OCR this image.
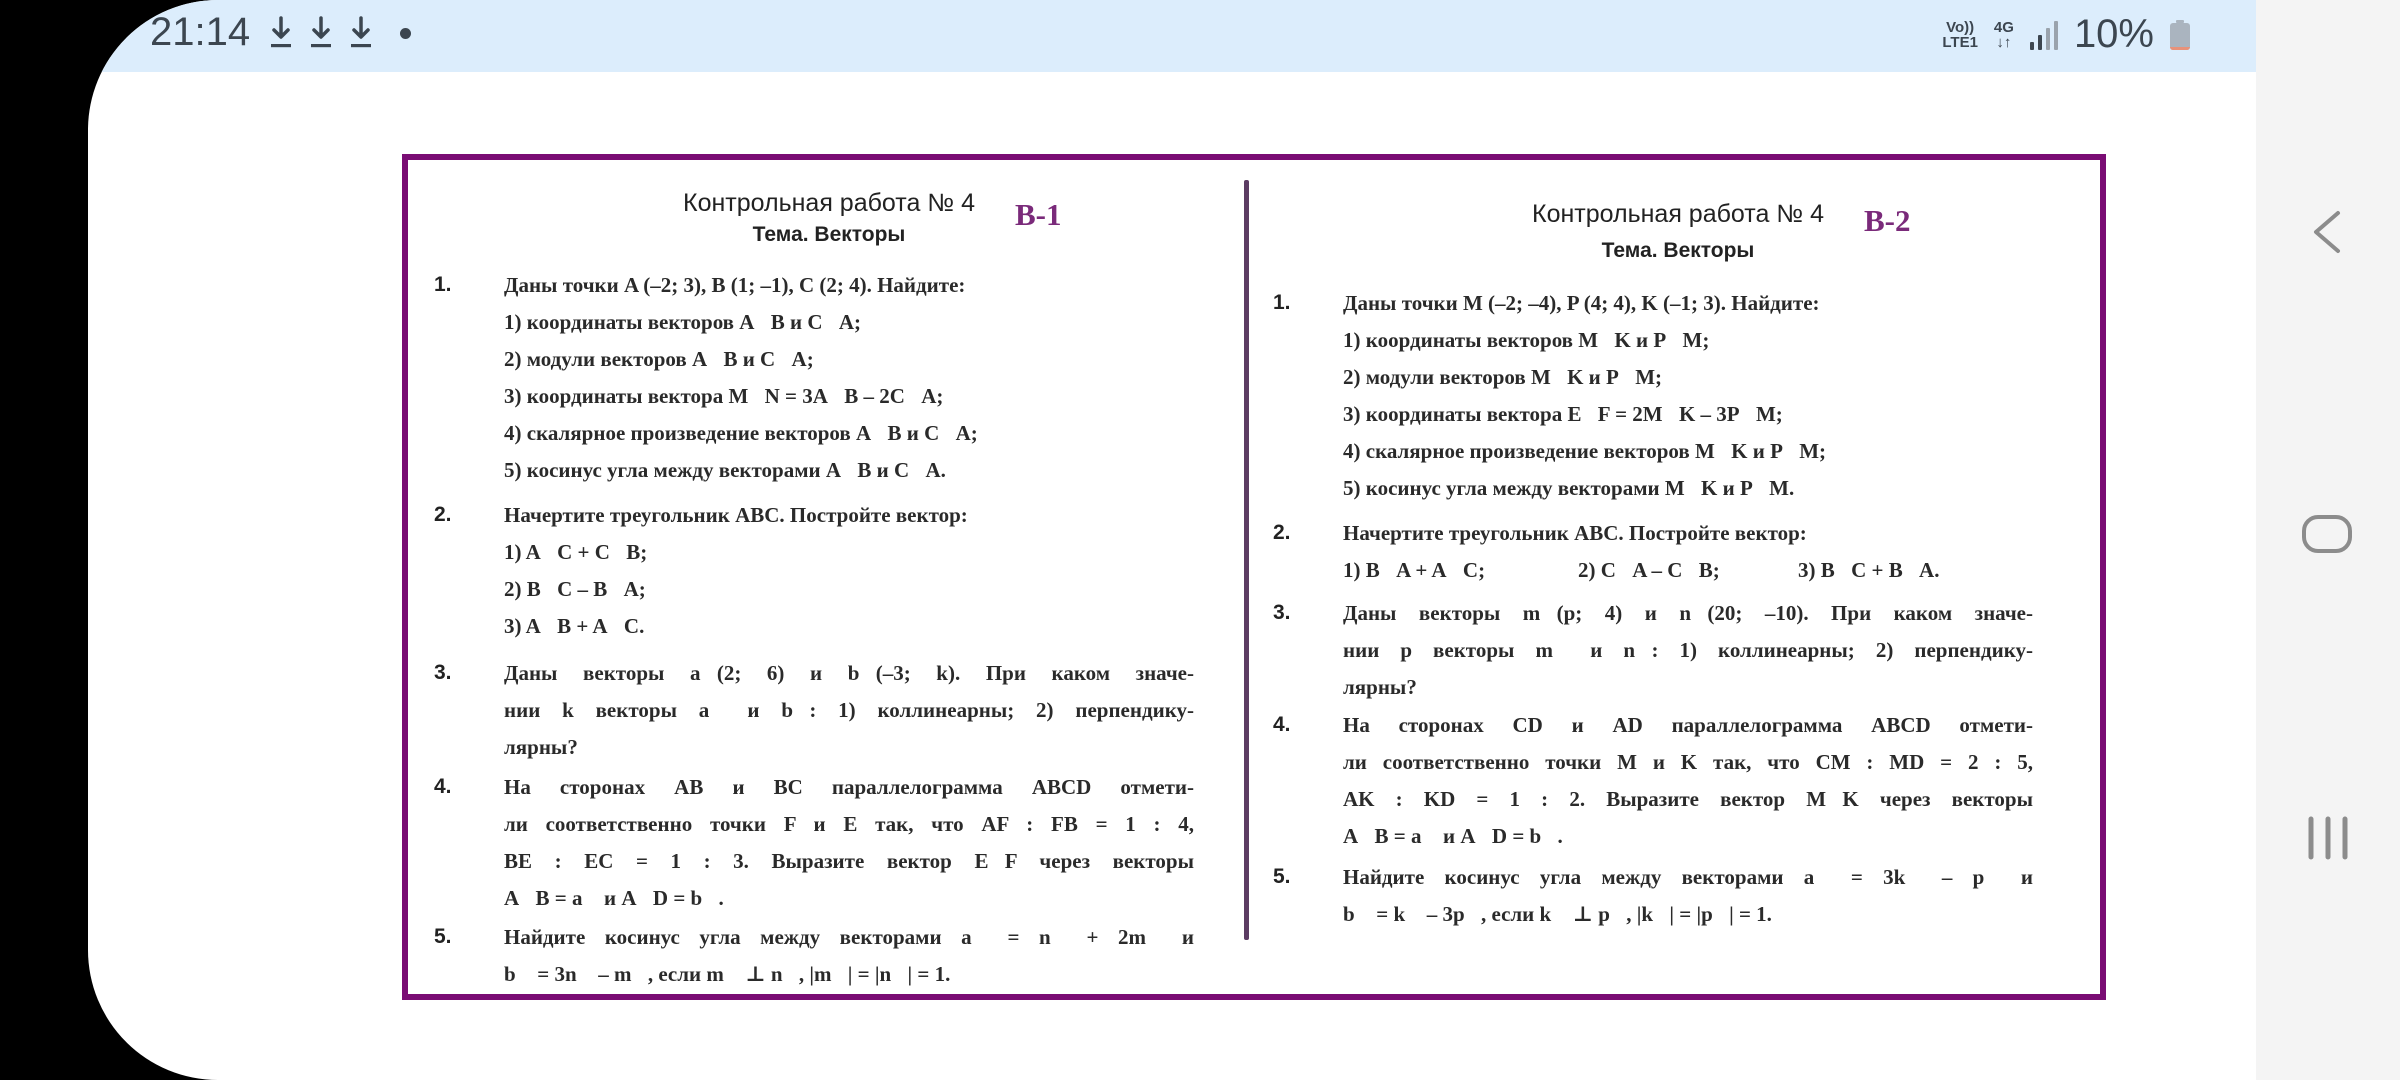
21:14	Vo))
LTE1
4G
↓↑ 10%
Контрольная работа № 4	В-1
Тема. Векторы
1. Даны точки A (–2; 3), B (1; –1), C (2; 4). Найдите:
1) координаты векторов A⃗B и C⃗A;
2) модули векторов A⃗B и C⃗A;
3) координаты вектора M⃗N = 3A⃗B – 2C⃗A;
4) скалярное произведение векторов A⃗B и C⃗A;
5) косинус угла между векторами A⃗B и C⃗A.
2. Начертите треугольник ABC. Постройте вектор:
1) A⃗C + C⃗B;
2) B⃗C – B⃗A;
3) A⃗B + A⃗C.
3. Даны векторы a⃗(2; 6) и b⃗(–3; k). При каком значе-
нии k векторы a⃗ и b⃗: 1) коллинеарны; 2) перпендику-
лярны?
4. На сторонах AB и BC параллелограмма ABCD отмети-
ли соответственно точки F и E так, что AF : FB = 1 : 4,
BE : EC = 1 : 3. Выразите вектор E⃗F через векторы
A⃗B = a⃗ и A⃗D = b⃗.
5. Найдите косинус угла между векторами a⃗ = n⃗ + 2m⃗ и
b⃗ = 3n⃗ – m⃗, если m⃗ ⊥ n⃗, |m⃗| = |n⃗| = 1.
Контрольная работа № 4	В-2
Тема. Векторы
1. Даны точки M (–2; –4), P (4; 4), K (–1; 3). Найдите:
1) координаты векторов M⃗K и P⃗M;
2) модули векторов M⃗K и P⃗M;
3) координаты вектора E⃗F = 2M⃗K – 3P⃗M;
4) скалярное произведение векторов M⃗K и P⃗M;
5) косинус угла между векторами M⃗K и P⃗M.
2. Начертите треугольник ABC. Постройте вектор:
1) B⃗A + A⃗C;	2) C⃗A – C⃗B;	3) B⃗C + B⃗A.
3. Даны векторы m⃗(p; 4) и n⃗(20; –10). При каком значе-
нии p векторы m⃗ и n⃗: 1) коллинеарны; 2) перпендику-
лярны?
4. На сторонах CD и AD параллелограмма ABCD отмети-
ли соответственно точки M и K так, что CM : MD = 2 : 5,
AK : KD = 1 : 2. Выразите вектор M⃗K через векторы
A⃗B = a⃗ и A⃗D = b⃗.
5. Найдите косинус угла между векторами a⃗ = 3k⃗ – p⃗ и
b⃗ = k⃗ – 3p⃗, если k⃗ ⊥ p⃗, |k⃗| = |p⃗| = 1.
